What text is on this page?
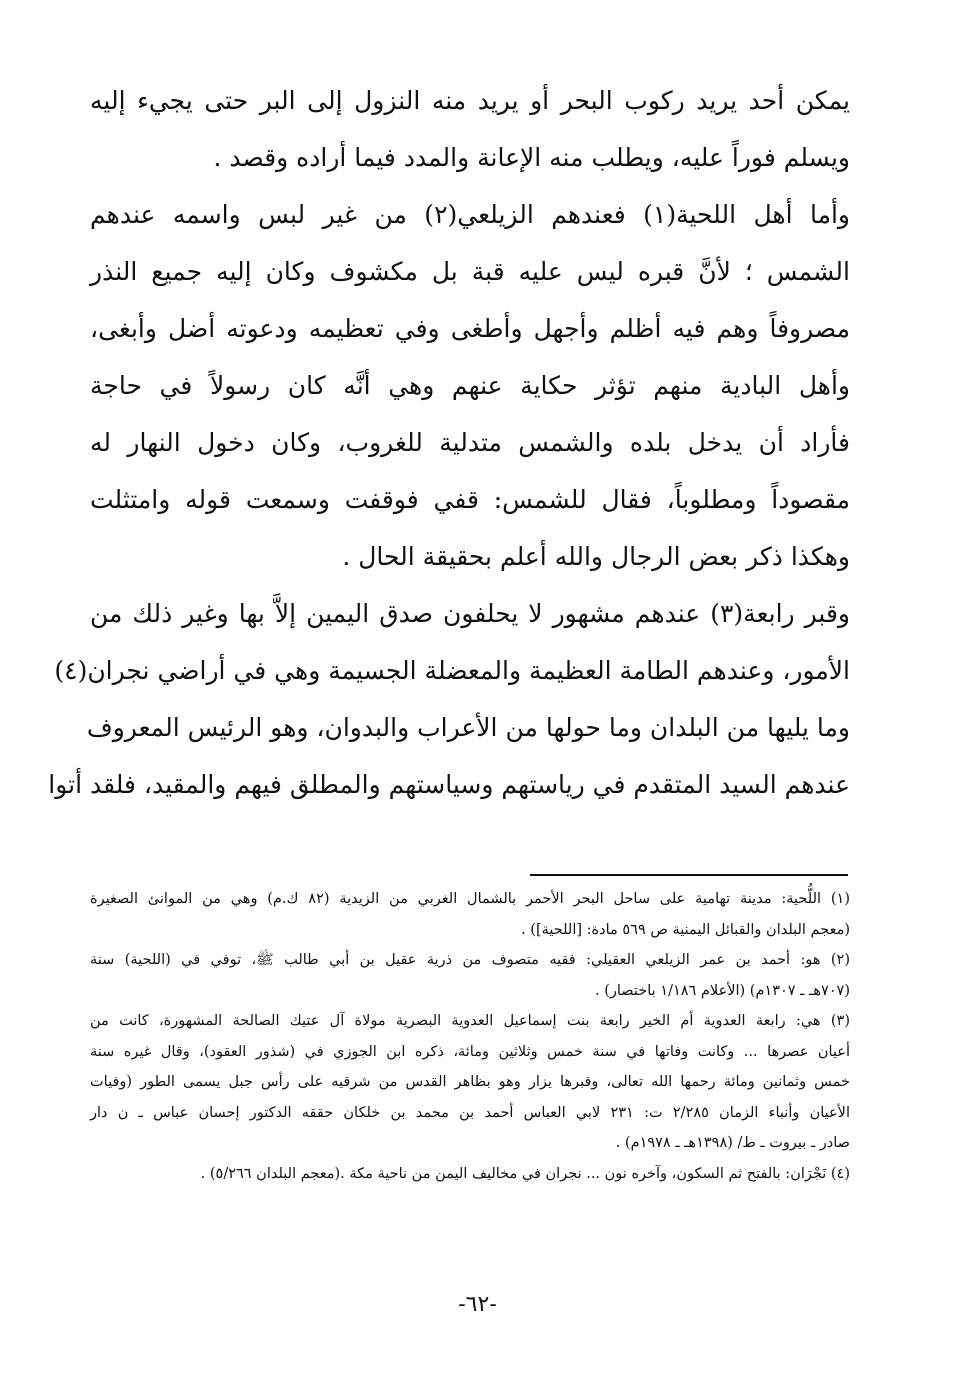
يمكن أحد يريد ركوب البحر أو يريد منه النزول إلى البر حتى يجيء إليه
ويسلم فوراً عليه، ويطلب منه الإعانة والمدد فيما أراده وقصد .
وأما أهل اللحية(١) فعندهم الزيلعي(٢) من غير لبس واسمه عندهم
الشمس ؛ لأنَّ قبره ليس عليه قبة بل مكشوف وكان إليه جميع النذر
مصروفاً وهم فيه أظلم وأجهل وأطغى وفي تعظيمه ودعوته أضل وأبغى،
وأهل البادية منهم تؤثر حكاية عنهم وهي أنَّه كان رسولاً في حاجة
فأراد أن يدخل بلده والشمس متدلية للغروب، وكان دخول النهار له
مقصوداً ومطلوباً، فقال للشمس: قفي فوقفت وسمعت قوله وامتثلت
وهكذا ذكر بعض الرجال والله أعلم بحقيقة الحال .
وقبر رابعة(٣) عندهم مشهور لا يحلفون صدق اليمين إلاَّ بها وغير ذلك من
الأمور، وعندهم الطامة العظيمة والمعضلة الجسيمة وهي في أراضي نجران(٤)
وما يليها من البلدان وما حولها من الأعراب والبدوان، وهو الرئيس المعروف
عندهم السيد المتقدم في رياستهم وسياستهم والمطلق فيهم والمقيد، فلقد أتوا
(١) اللُّحية: مدينة تهامية على ساحل البحر الأحمر بالشمال الغربي من الزيدية (٨٢ ك.م) وهي من الموانئ الصغيرة
(معجم البلدان والقبائل اليمنية ص ٥٦٩ مادة: [اللحية]) .
(٢) هو: أحمد بن عمر الزيلعي العقيلي: فقيه متصوف من ذرية عقيل بن أبي طالب ﷺ، توفي في (اللحية) سنة
(٧٠٧هـ ـ ١٣٠٧م) (الأعلام ١/١٨٦ باختصار) .
(٣) هي: رابعة العدوية أم الخير رابعة بنت إسماعيل العدوية البصرية مولاة آل عتيك الصالحة المشهورة، كانت من
أعيان عصرها ... وكانت وفاتها في سنة خمس وثلاثين ومائة، ذكره ابن الجوزي في (شذور العقود)، وقال غيره سنة
خمس وثمانين ومائة رحمها الله تعالى، وقبرها يزار وهو بظاهر القدس من شرقيه على رأس جبل يسمى الطور (وفيات
الأعيان وأنباء الزمان ٢/٢٨٥ ت: ٢٣١ لابي العباس أحمد بن محمد بن خلكان حققه الدكتور إحسان عباس ـ ن دار
صادر ـ بيروت ـ ط/ (١٣٩٨هـ ـ ١٩٧٨م) .
(٤) نَجْرَان: بالفتح ثم السكون، وآخره نون ... نجران في مخاليف اليمن من ناحية مكة .(معجم البلدان ٥/٢٦٦) .
-٦٢-
